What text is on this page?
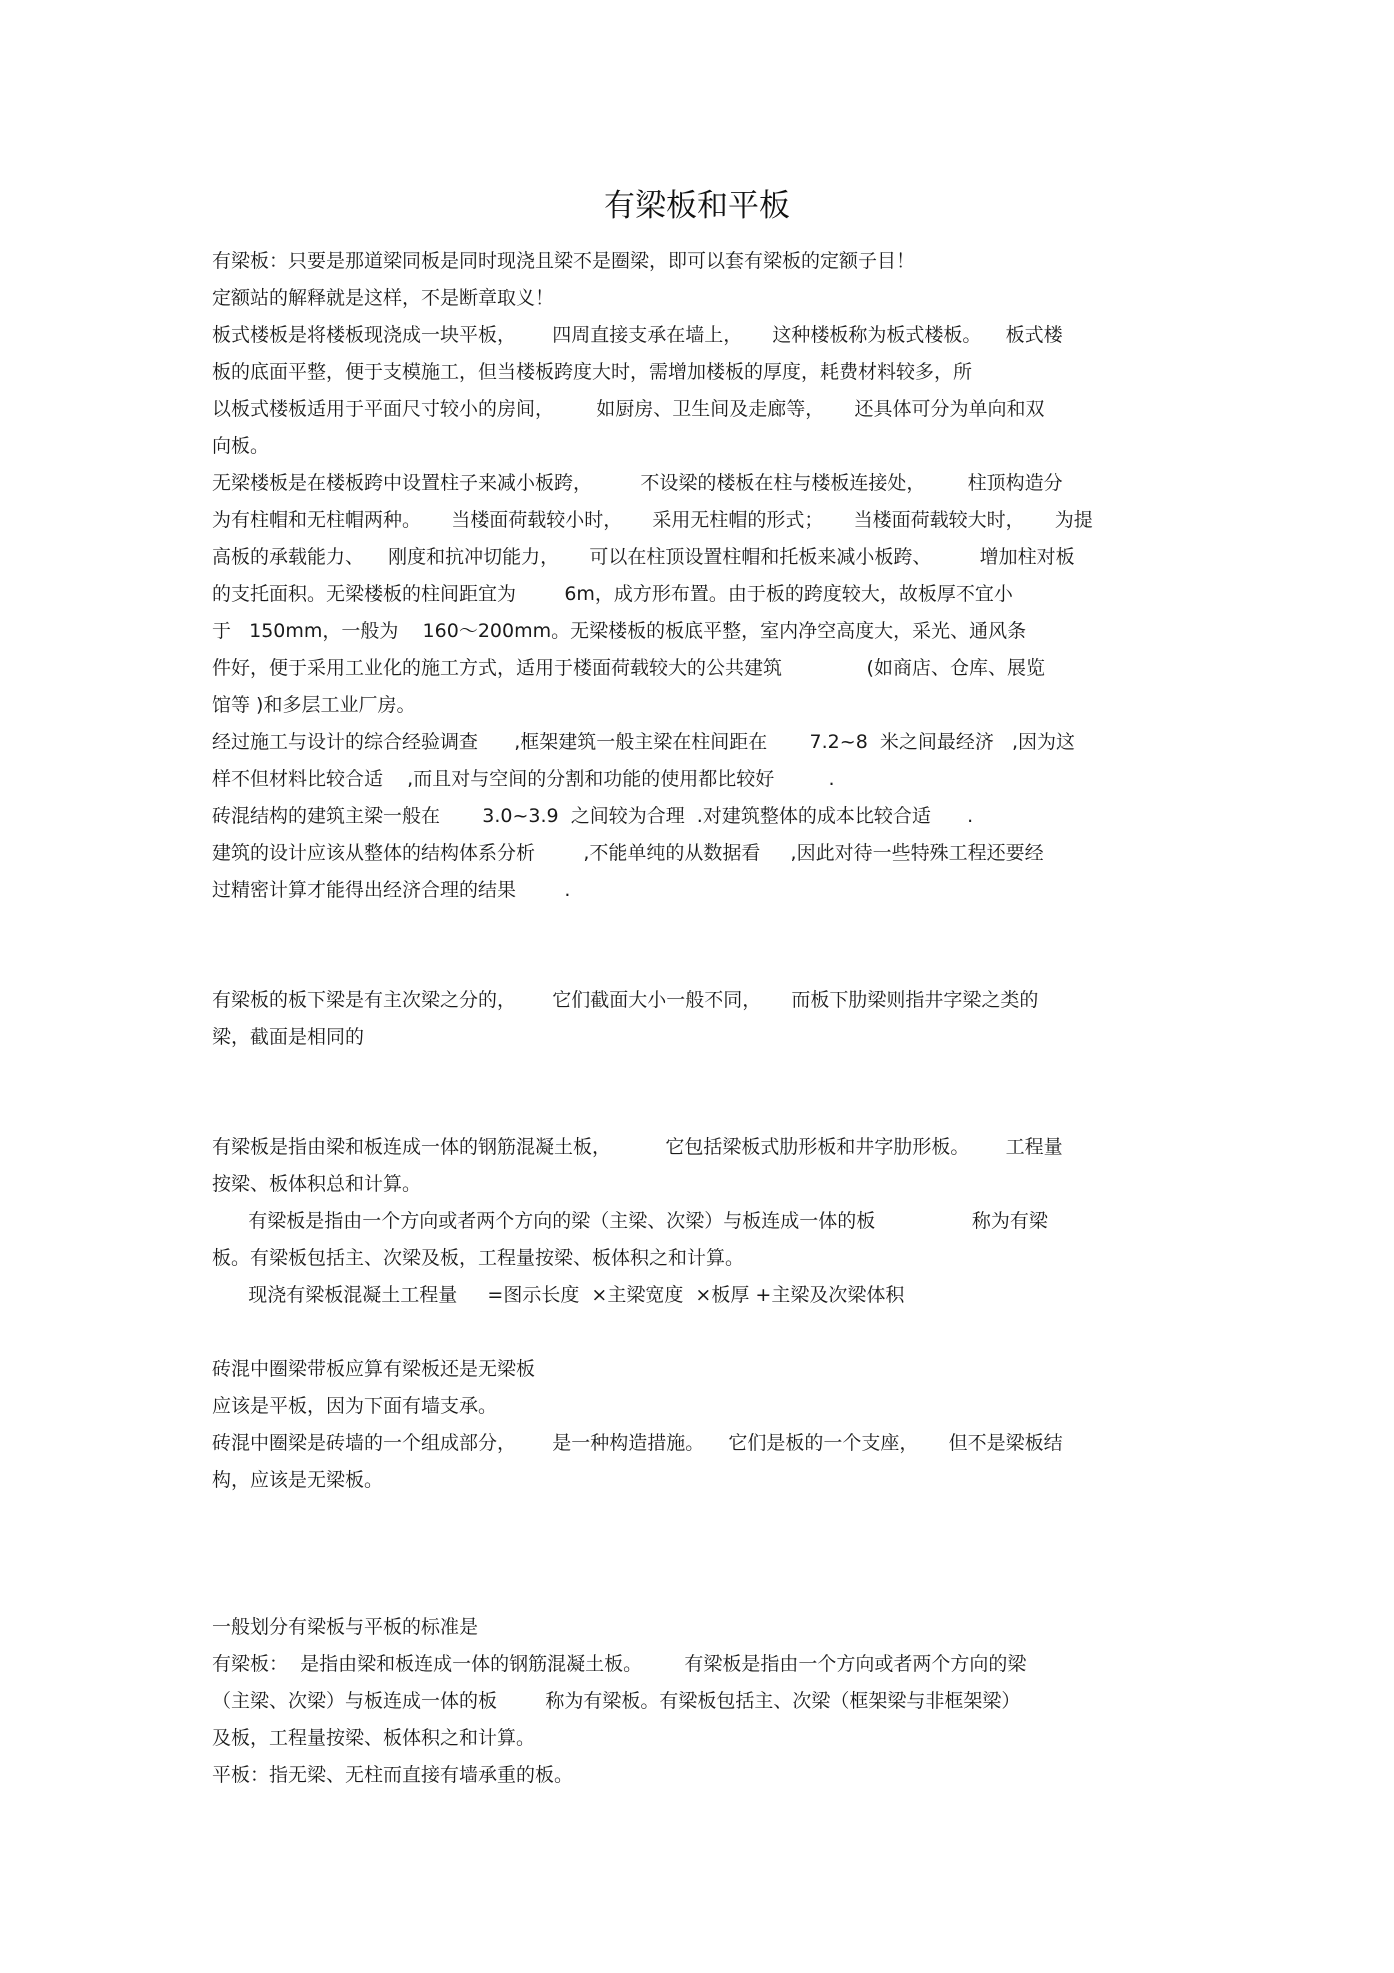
有梁板和平板
有梁板：只要是那道梁同板是同时现浇且梁不是圈梁，即可以套有梁板的定额子目！
定额站的解释就是这样，不是断章取义！
板式楼板是将楼板现浇成一块平板，      四周直接支承在墙上，     这种楼板称为板式楼板。    板式楼
板的底面平整，便于支模施工，但当楼板跨度大时，需增加楼板的厚度，耗费材料较多，所
以板式楼板适用于平面尺寸较小的房间，       如厨房、卫生间及走廊等，     还具体可分为单向和双
向板。
无梁楼板是在楼板跨中设置柱子来减小板跨，        不设梁的楼板在柱与楼板连接处，       柱顶构造分
为有柱帽和无柱帽两种。     当楼面荷载较小时，     采用无柱帽的形式；     当楼面荷载较大时，     为提
高板的承载能力、    刚度和抗冲切能力，     可以在柱顶设置柱帽和托板来减小板跨、        增加柱对板
的支托面积。无梁楼板的柱间距宜为        6m，成方形布置。由于板的跨度较大，故板厚不宜小
于   150mm，一般为    160～200mm。无梁楼板的板底平整，室内净空高度大，采光、通风条
件好，便于采用工业化的施工方式，适用于楼面荷载较大的公共建筑              (如商店、仓库、展览
馆等 )和多层工业厂房。
经过施工与设计的综合经验调查      ,框架建筑一般主梁在柱间距在       7.2~8  米之间最经济   ,因为这
样不但材料比较合适    ,而且对与空间的分割和功能的使用都比较好         .
砖混结构的建筑主梁一般在       3.0~3.9  之间较为合理  .对建筑整体的成本比较合适      .
建筑的设计应该从整体的结构体系分析        ,不能单纯的从数据看     ,因此对待一些特殊工程还要经
过精密计算才能得出经济合理的结果        .
有梁板的板下梁是有主次梁之分的，      它们截面大小一般不同，     而板下肋梁则指井字梁之类的
梁，截面是相同的
有梁板是指由梁和板连成一体的钢筋混凝土板，         它包括梁板式肋形板和井字肋形板。      工程量
按梁、板体积总和计算。
有梁板是指由一个方向或者两个方向的梁（主梁、次梁）与板连成一体的板                称为有梁
板。有梁板包括主、次梁及板，工程量按梁、板体积之和计算。
现浇有梁板混凝土工程量     =图示长度  ×主梁宽度  ×板厚 +主梁及次梁体积
砖混中圈梁带板应算有梁板还是无梁板
应该是平板，因为下面有墙支承。
砖混中圈梁是砖墙的一个组成部分，      是一种构造措施。    它们是板的一个支座，     但不是梁板结
构，应该是无梁板。
一般划分有梁板与平板的标准是
有梁板：  是指由梁和板连成一体的钢筋混凝土板。       有梁板是指由一个方向或者两个方向的梁
（主梁、次梁）与板连成一体的板        称为有梁板。有梁板包括主、次梁（框架梁与非框架梁）
及板，工程量按梁、板体积之和计算。
平板：指无梁、无柱而直接有墙承重的板。
